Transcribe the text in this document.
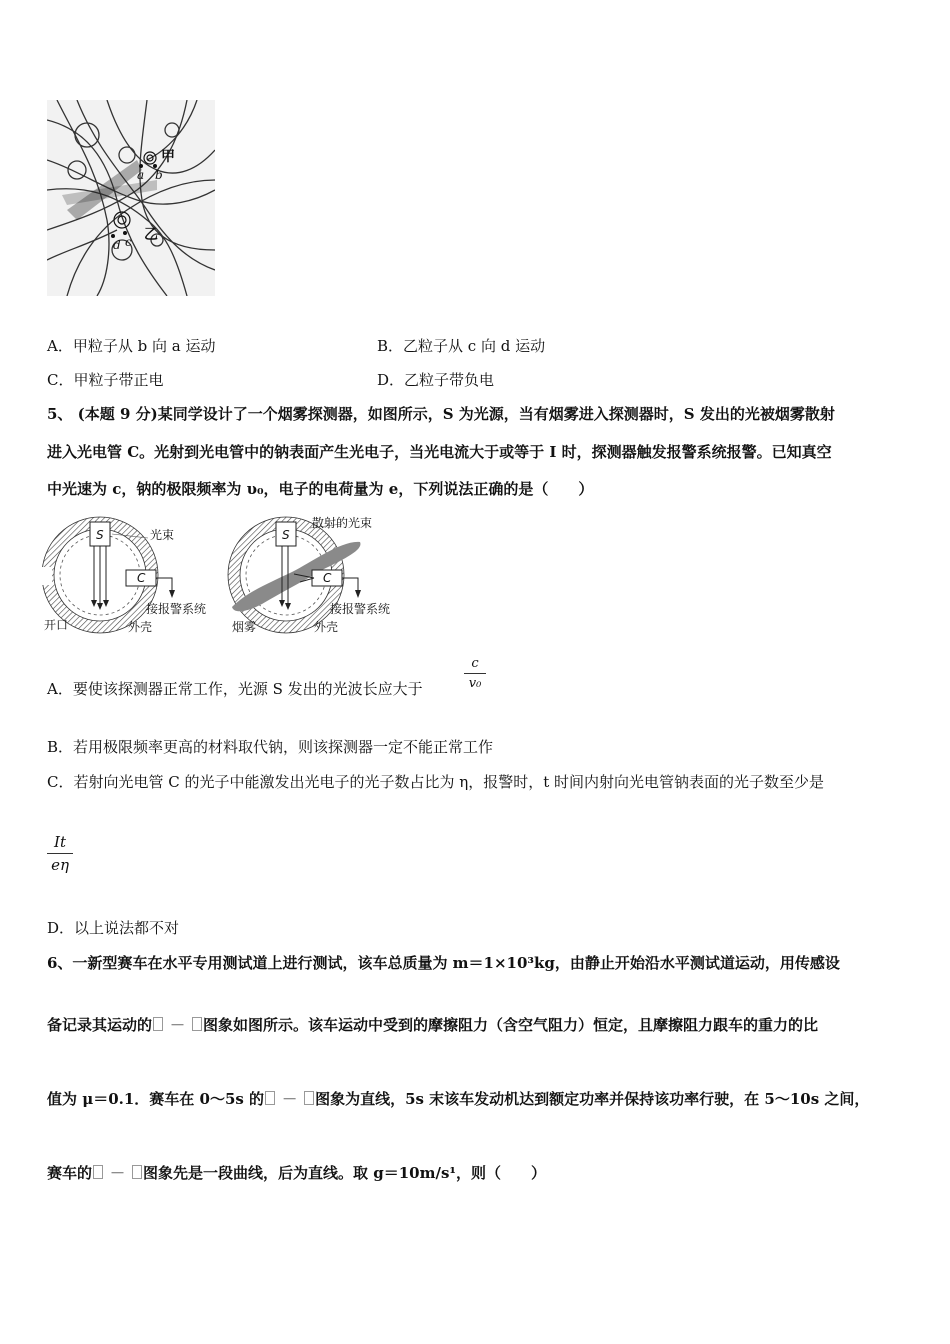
甲
a b
乙
d c
A．甲粒子从 b 向 a 运动	B．乙粒子从 c 向 d 运动
C．甲粒子带正电	D．乙粒子带负电
5、 (本题 9 分)某同学设计了一个烟雾探测器，如图所示，S 为光源，当有烟雾进入探测器时，S 发出的光被烟雾散射
进入光电管 C。光射到光电管中的钠表面产生光电子，当光电流大于或等于 I 时，探测器触发报警系统报警。已知真空
中光速为 c，钠的极限频率为 υ₀，电子的电荷量为 e，下列说法正确的是（　　）
S
C
光束
接报警系统
开口	外壳
S
C
散射的光束
接报警系统
烟雾	外壳
A．要使该探测器正常工作，光源 S 发出的光波长应大于
c
v₀
B．若用极限频率更高的材料取代钠，则该探测器一定不能正常工作
C．若射向光电管 C 的光子中能激发出光电子的光子数占比为 η，报警时，t 时间内射向光电管钠表面的光子数至少是
It
eη
D．以上说法都不对
6、一新型赛车在水平专用测试道上进行测试，该车总质量为 m＝1×10³kg，由静止开始沿水平测试道运动，用传感设
备记录其运动的 － 图象如图所示。该车运动中受到的摩擦阻力（含空气阻力）恒定，且摩擦阻力跟车的重力的比
值为 μ＝0.1．赛车在 0～5s 的 － 图象为直线，5s 末该车发动机达到额定功率并保持该功率行驶，在 5～10s 之间，
赛车的 － 图象先是一段曲线，后为直线。取 g＝10m/s¹，则（　　）
